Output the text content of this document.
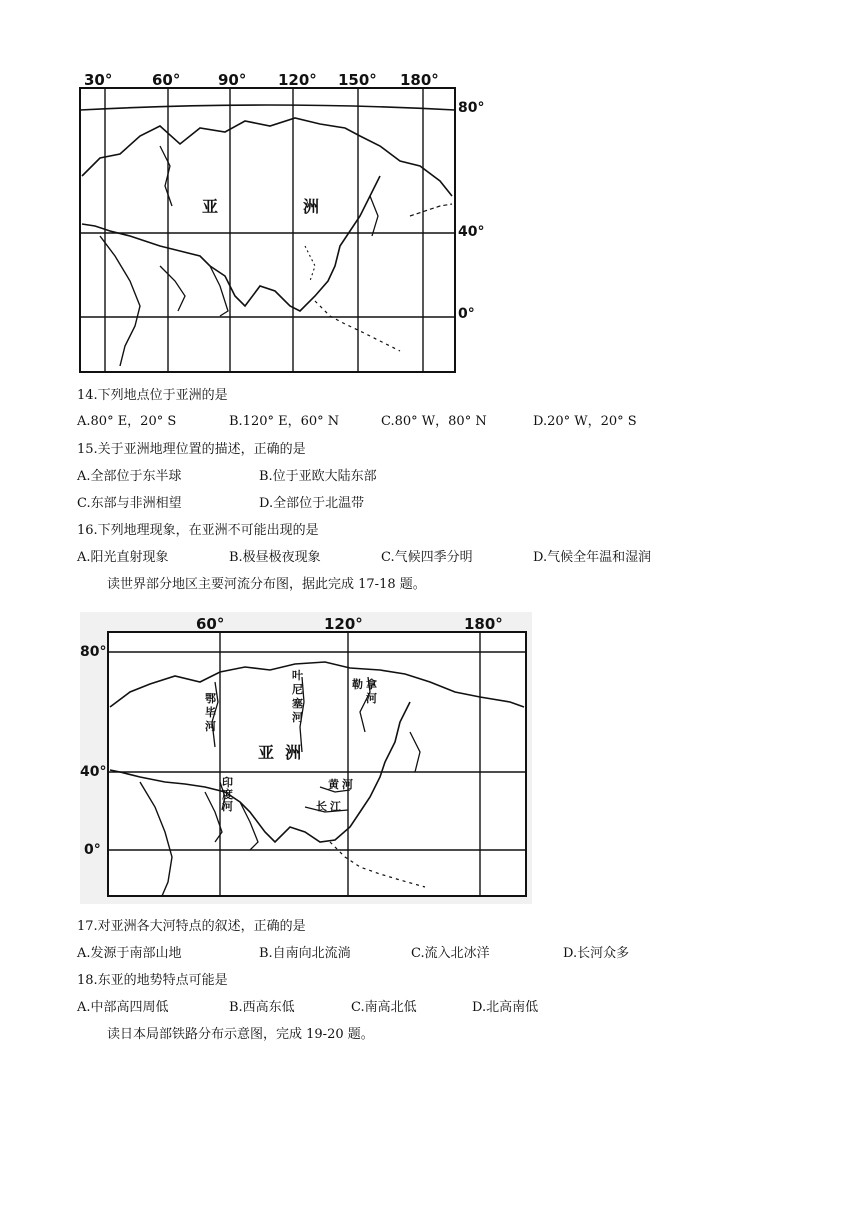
30°	60°	90° 120° 150° 180°
80°
40°
0°
亚	洲
14.下列地点位于亚洲的是
A.80° E，20° S	B.120° E，60° N	C.80° W，80° N	D.20° W，20° S
15.关于亚洲地理位置的描述，正确的是
A.全部位于东半球	B.位于亚欧大陆东部
C.东部与非洲相望	D.全部位于北温带
16.下列地理现象，在亚洲不可能出现的是
A.阳光直射现象	B.极昼极夜现象	C.气候四季分明	D.气候全年温和湿润
读世界部分地区主要河流分布图，据此完成 17-18 题。
60°	120°	180°
80°
40°
0°
亚  洲
叶
尼
塞
河
勒 拿
河
鄂
毕
河
印
度
河	长 江
黄 河
17.对亚洲各大河特点的叙述，正确的是
A.发源于南部山地	B.自南向北流淌	C.流入北冰洋	D.长河众多
18.东亚的地势特点可能是
A.中部高四周低	B.西高东低	C.南高北低	D.北高南低
读日本局部铁路分布示意图，完成 19-20 题。
